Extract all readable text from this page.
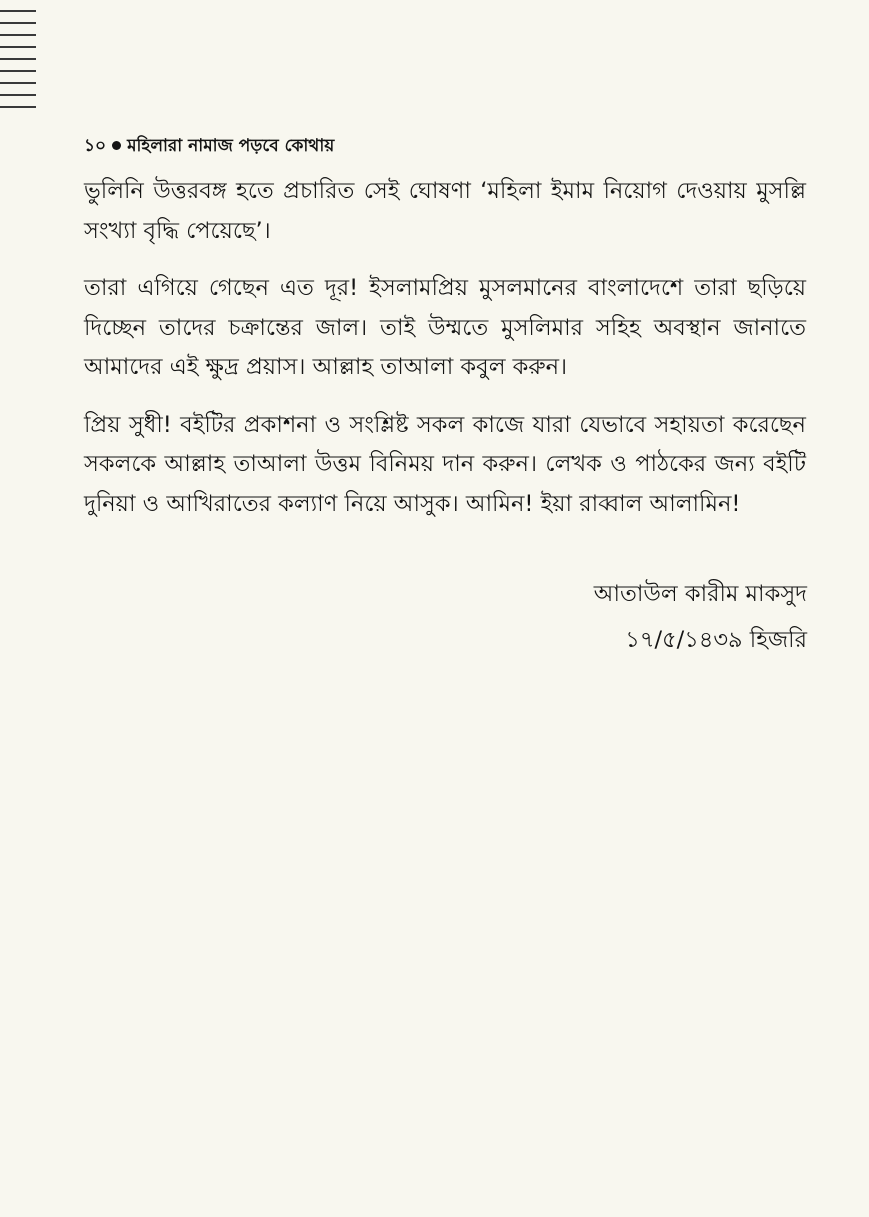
১০ মহিলারা নামাজ পড়বে কোথায়

ভুলিনি উত্তরবঙ্গ হতে প্রচারিত সেই ঘোষণা ‘মহিলা ইমাম নিয়োগ দেওয়ায় মুসল্লি সংখ্যা বৃদ্ধি পেয়েছে’।

তারা এগিয়ে গেছেন এত দূর! ইসলামপ্রিয় মুসলমানের বাংলাদেশে তারা ছড়িয়ে দিচ্ছেন তাদের চক্রান্তের জাল। তাই উম্মতে মুসলিমার সহিহ অবস্থান জানাতে আমাদের এই ক্ষুদ্র প্রয়াস। আল্লাহ তাআলা কবুল করুন।

প্রিয় সুধী! বইটির প্রকাশনা ও সংশ্লিষ্ট সকল কাজে যারা যেভাবে সহায়তা করেছেন সকলকে আল্লাহ তাআলা উত্তম বিনিময় দান করুন। লেখক ও পাঠকের জন্য বইটি দুনিয়া ও আখিরাতের কল্যাণ নিয়ে আসুক। আমিন! ইয়া রাব্বাল আলামিন!

আতাউল কারীম মাকসুদ
১৭/৫/১৪৩৯ হিজরি
